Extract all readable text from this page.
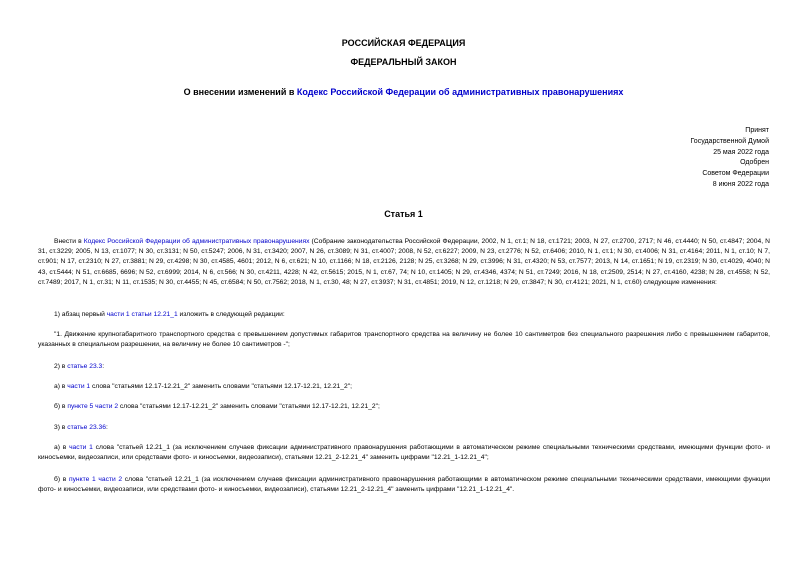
РОССИЙСКАЯ ФЕДЕРАЦИЯ
ФЕДЕРАЛЬНЫЙ ЗАКОН
О внесении изменений в Кодекс Российской Федерации об административных правонарушениях
Принят
Государственной Думой
25 мая 2022 года
Одобрен
Советом Федерации
8 июня 2022 года
Статья 1
Внести в Кодекс Российской Федерации об административных правонарушениях (Собрание законодательства Российской Федерации, 2002, N 1, ст.1; N 18, ст.1721; 2003, N 27, ст.2700, 2717; N 46, ст.4440; N 50, ст.4847; 2004, N 31, ст.3229; 2005, N 13, ст.1077; N 30, ст.3131; N 50, ст.5247; 2006, N 31, ст.3420; 2007, N 26, ст.3089; N 31, ст.4007; 2008, N 52, ст.6227; 2009, N 23, ст.2776; N 52, ст.6406; 2010, N 1, ст.1; N 30, ст.4006; N 31, ст.4164; 2011, N 1, ст.10; N 7, ст.901; N 17, ст.2310; N 27, ст.3881; N 29, ст.4298; N 30, ст.4585, 4601; 2012, N 6, ст.621; N 10, ст.1166; N 18, ст.2126, 2128; N 25, ст.3268; N 29, ст.3996; N 31, ст.4320; N 53, ст.7577; 2013, N 14, ст.1651; N 19, ст.2319; N 30, ст.4029, 4040; N 43, ст.5444; N 51, ст.6685, 6696; N 52, ст.6999; 2014, N 6, ст.566; N 30, ст.4211, 4228; N 42, ст.5615; 2015, N 1, ст.67, 74; N 10, ст.1405; N 29, ст.4346, 4374; N 51, ст.7249; 2016, N 18, ст.2509, 2514; N 27, ст.4160, 4238; N 28, ст.4558; N 52, ст.7489; 2017, N 1, ст.31; N 11, ст.1535; N 30, ст.4455; N 45, ст.6584; N 50, ст.7562; 2018, N 1, ст.30, 48; N 27, ст.3937; N 31, ст.4851; 2019, N 12, ст.1218; N 29, ст.3847; N 30, ст.4121; 2021, N 1, ст.60) следующие изменения:
1) абзац первый части 1 статьи 12.21_1 изложить в следующей редакции:
"1. Движение крупногабаритного транспортного средства с превышением допустимых габаритов транспортного средства на величину не более 10 сантиметров без специального разрешения либо с превышением габаритов, указанных в специальном разрешении, на величину не более 10 сантиметров -";
2) в статье 23.3:
а) в части 1 слова "статьями 12.17-12.21_2" заменить словами "статьями 12.17-12.21, 12.21_2";
б) в пункте 5 части 2 слова "статьями 12.17-12.21_2" заменить словами "статьями 12.17-12.21, 12.21_2";
3) в статье 23.36:
а) в части 1 слова "статьей 12.21_1 (за исключением случаев фиксации административного правонарушения работающими в автоматическом режиме специальными техническими средствами, имеющими функции фото- и киносъемки, видеозаписи, или средствами фото- и киносъемки, видеозаписи), статьями 12.21_2-12.21_4" заменить цифрами "12.21_1-12.21_4";
б) в пункте 1 части 2 слова "статьей 12.21_1 (за исключением случаев фиксации административного правонарушения работающими в автоматическом режиме специальными техническими средствами, имеющими функции фото- и киносъемки, видеозаписи, или средствами фото- и киносъемки, видеозаписи), статьями 12.21_2-12.21_4" заменить цифрами "12.21_1-12.21_4".
